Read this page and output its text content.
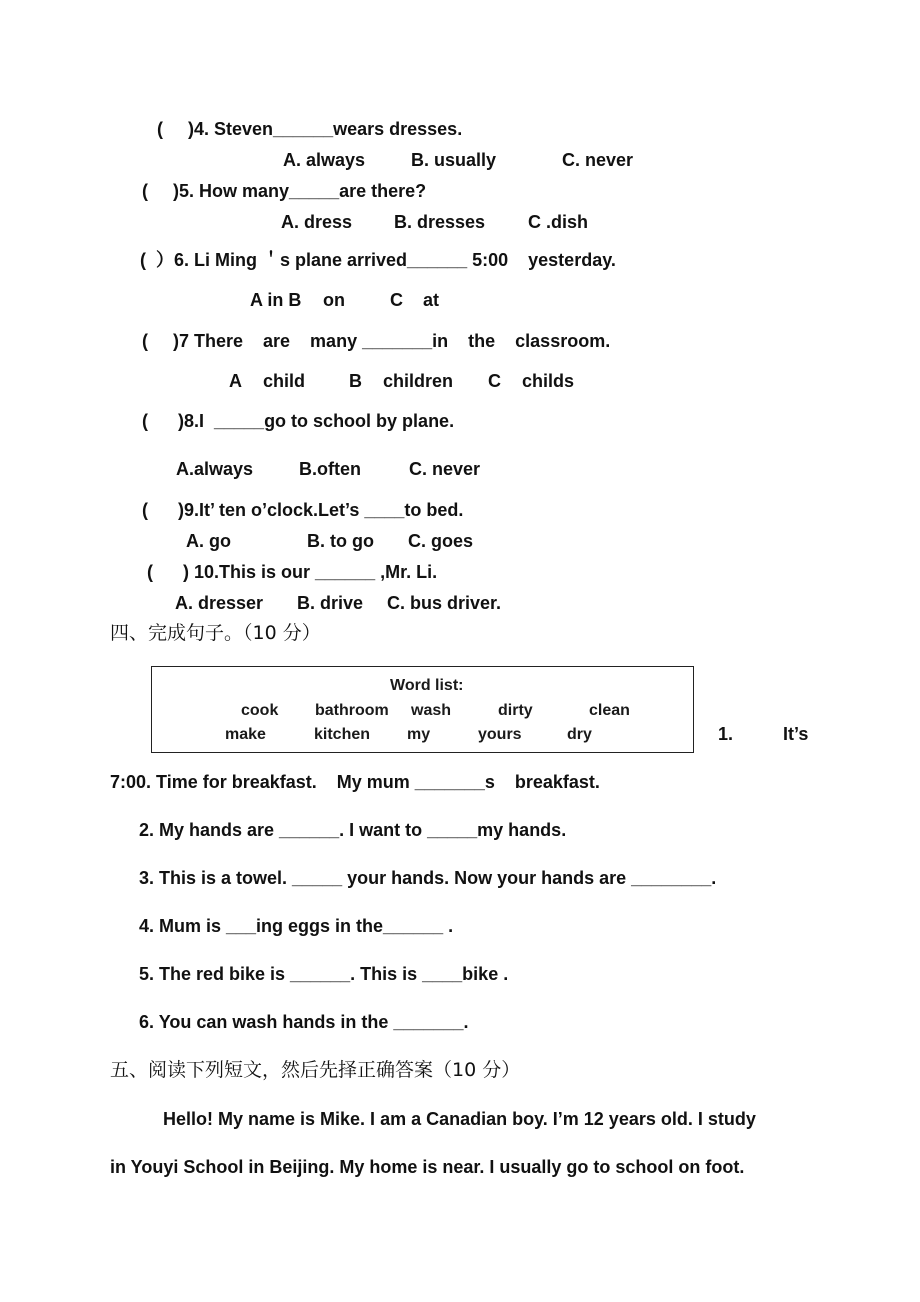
(     )4. Steven______wears dresses.
A. always	B. usually	C. never
(     )5. How many_____are there?
A. dress B. dresses C .dish
(  ）6. Li Ming ＇s plane arrived______ 5:00    yesterday.
A in B on	C at
(     )7 There    are    many _______in    the    classroom.
A child B children C childs
(      )8.I  _____go to school by plane.
A.always	B.often	C. never
(      )9.It’ ten o’clock.Let’s ____to bed.
A. go	B. to go C. goes
(      ) 10.This is our ______ ,Mr. Li.
A. dresser B. drive C. bus driver.
四、完成句子。（10 分）
Word list:
cook bathroom wash	dirty	clean
make	kitchen my	yours	dry	1.	It’s
7:00. Time for breakfast.    My mum _______s    breakfast.
2. My hands are ______. I want to _____my hands.
3. This is a towel. _____ your hands. Now your hands are ________.
4. Mum is ___ing eggs in the______ .
5. The red bike is ______. This is ____bike .
6. You can wash hands in the _______.
五、阅读下列短文，然后先择正确答案（10 分）
Hello! My name is Mike. I am a Canadian boy. I’m 12 years old. I study
in Youyi School in Beijing. My home is near. I usually go to school on foot.
